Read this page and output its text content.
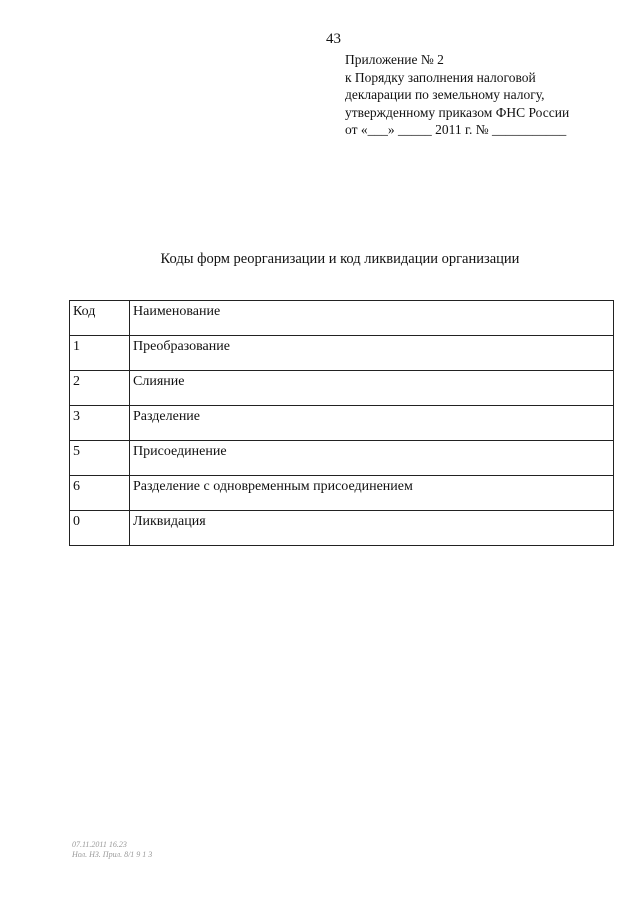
43
Приложение № 2
к Порядку заполнения налоговой
декларации по земельному налогу,
утвержденному приказом ФНС России
от «___» _____ 2011 г. № ___________
Коды форм реорганизации и код ликвидации организации
Код	Наименование
1	Преобразование
2	Слияние
3	Разделение
5	Присоединение
6	Разделение с одновременным присоединением
0	Ликвидация
07.11.2011 16.23
Нол. НЗ. Прил. 8/1 9 1 3
